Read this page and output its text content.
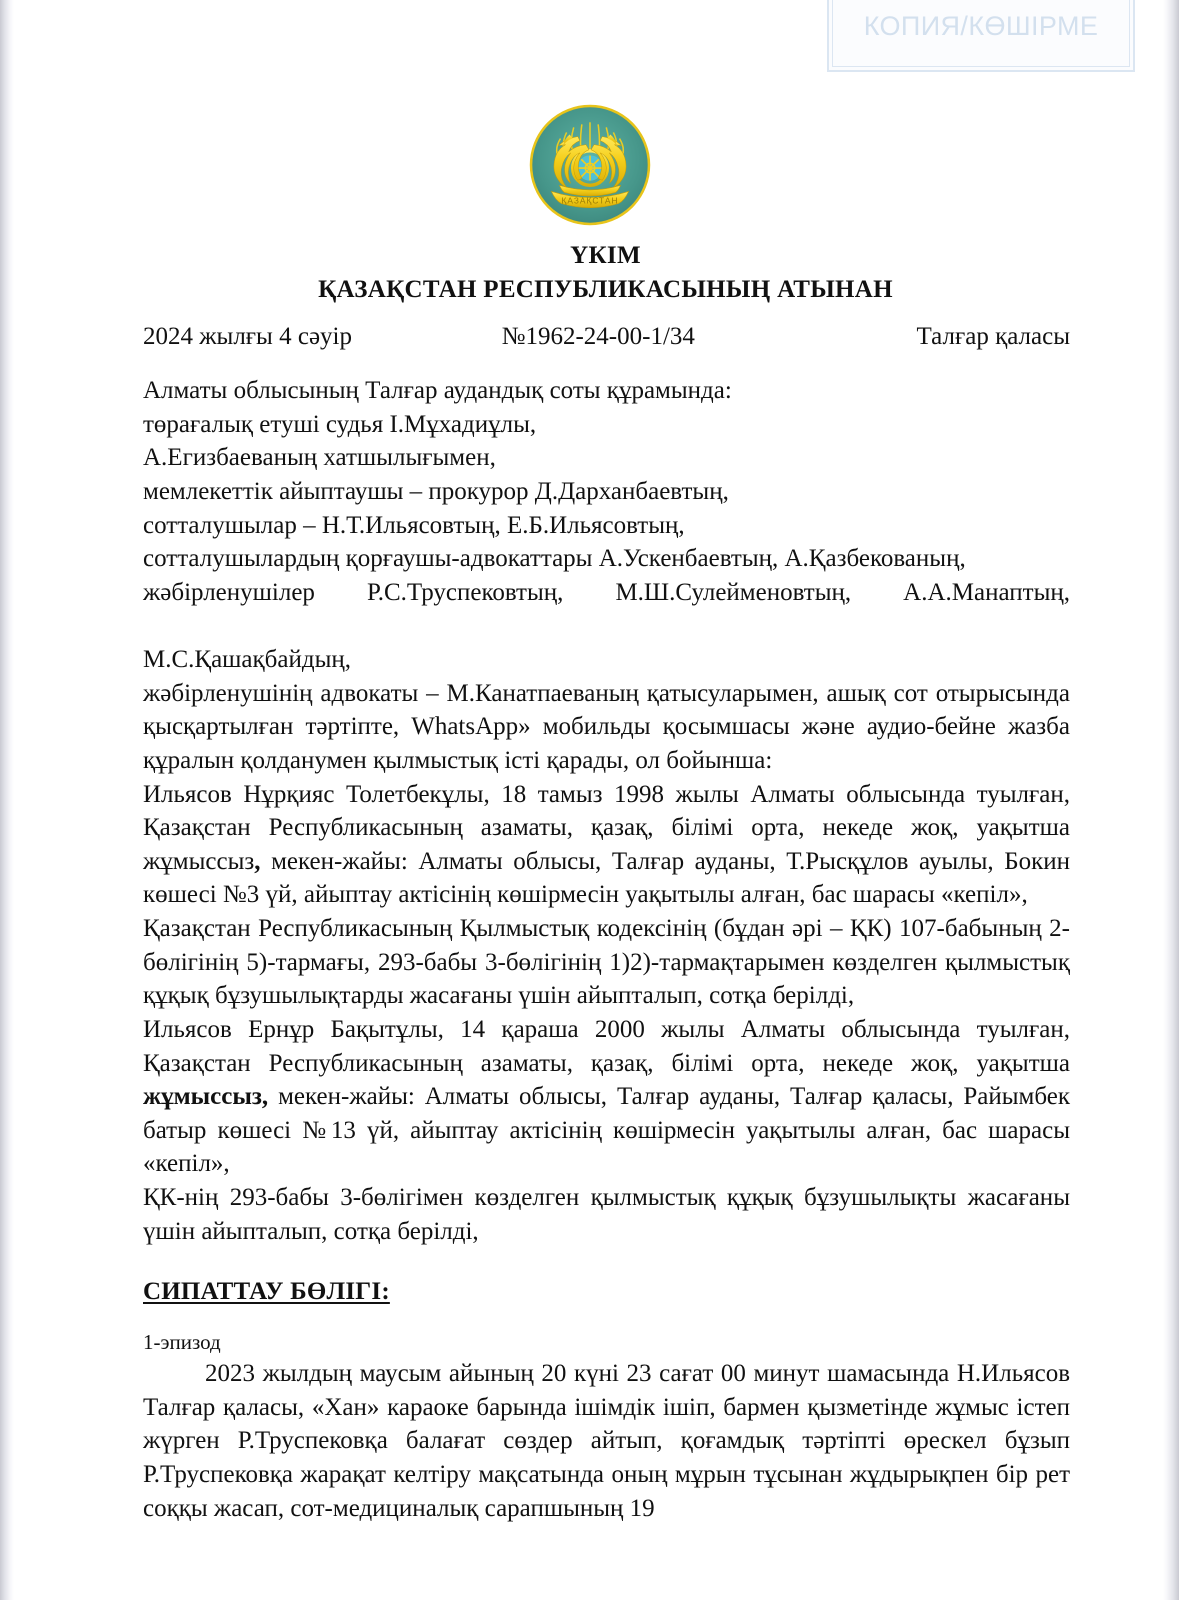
КОПИЯ/КӨШІРМЕ
ҚАЗАҚСТАН
ҮКІМ
ҚАЗАҚСТАН РЕСПУБЛИКАСЫНЫҢ АТЫНАН
2024 жылғы 4 сәуір	№1962-24-00-1/34	Талғар қаласы

Алматы облысының Талғар аудандық соты құрамында:

төрағалық етуші судья І.Мұхадиұлы,

А.Егизбаеваның хатшылығымен,

мемлекеттік айыптаушы – прокурор Д.Дарханбаевтың,

сотталушылар – Н.Т.Ильясовтың, Е.Б.Ильясовтың,

сотталушылардың қорғаушы-адвокаттары А.Ускенбаевтың, А.Қазбекованың,

жәбірленушілер Р.С.Труспековтың, М.Ш.Сулейменовтың, А.А.Манаптың,

М.С.Қашақбайдың,

жәбірленушінің адвокаты – М.Канатпаеваның қатысуларымен, ашық сот отырысында қысқартылған тәртіпте, WhatsApp» мобильды қосымшасы және аудио-бейне жазба құралын қолданумен қылмыстық істі қарады, ол бойынша:

Ильясов Нұрқияс Толетбекұлы, 18 тамыз 1998 жылы Алматы облысында туылған, Қазақстан Республикасының азаматы, қазақ, білімі орта, некеде жоқ, уақытша жұмыссыз, мекен-жайы: Алматы облысы, Талғар ауданы, Т.Рысқұлов ауылы, Бокин көшесі №3 үй, айыптау актісінің көшірмесін уақытылы алған, бас шарасы «кепіл»,

Қазақстан Республикасының Қылмыстық кодексінің (бұдан әрі – ҚК) 107-бабының 2-бөлігінің 5)-тармағы, 293-бабы 3-бөлігінің 1)2)-тармақтарымен көзделген қылмыстық құқық бұзушылықтарды жасағаны үшін айыпталып, сотқа берілді,

Ильясов Ернұр Бақытұлы, 14 қараша 2000 жылы Алматы облысында туылған, Қазақстан Республикасының азаматы, қазақ, білімі орта, некеде жоқ, уақытша жұмыссыз, мекен-жайы: Алматы облысы, Талғар ауданы, Талғар қаласы, Райымбек батыр көшесі №13 үй, айыптау актісінің көшірмесін уақытылы алған, бас шарасы «кепіл»,

ҚК-нің 293-бабы 3-бөлігімен көзделген қылмыстық құқық бұзушылықты жасағаны үшін айыпталып, сотқа берілді,

СИПАТТАУ БӨЛІГІ:

1-эпизод

2023 жылдың маусым айының 20 күні 23 сағат 00 минут шамасында Н.Ильясов Талғар қаласы, «Хан» караоке барында ішімдік ішіп, бармен қызметінде жұмыс істеп жүрген Р.Труспековқа балағат сөздер айтып, қоғамдық тәртіпті өрескел бұзып Р.Труспековқа жарақат келтіру мақсатында оның мұрын тұсынан жұдырықпен бір рет соққы жасап, сот-медициналық сарапшының 19
